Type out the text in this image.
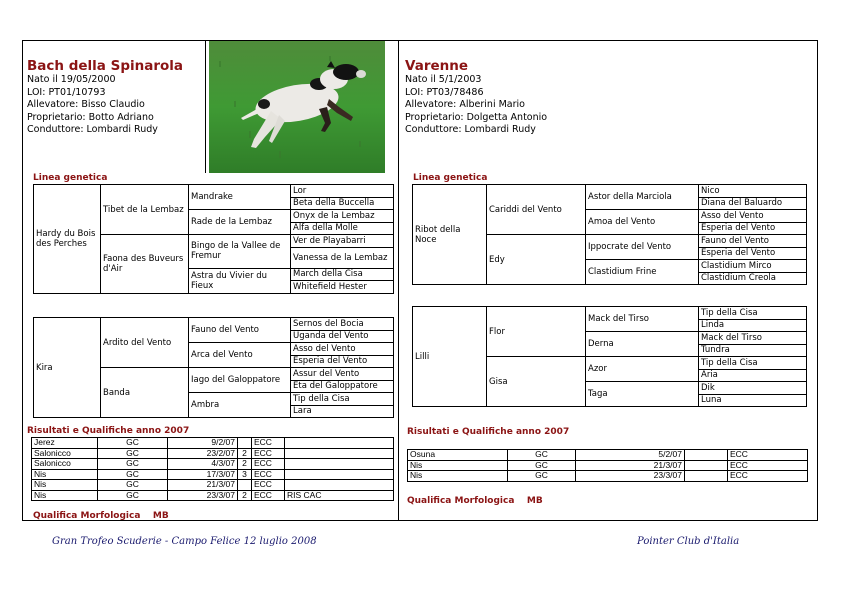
Bach della Spinarola
Nato il 19/05/2000
LOI: PT01/10793
Allevatore: Bisso Claudio
Proprietario: Botto Adriano
Conduttore: Lombardi Rudy
Varenne
Nato il 5/1/2003
LOI: PT03/78486
Allevatore: Alberini Mario
Proprietario: Dolgetta Antonio
Conduttore: Lombardi Rudy
Linea genetica
Hardy du Bois des Perches	Tibet de la Lembaz	Mandrake	Lor
			Beta della Buccella
		Rade de la Lembaz	Onyx de la Lembaz
			Alfa della Molle
	Faona des Buveurs d'Air	Bingo de la Vallee de Fremur	Ver de Playabarri
			Vanessa de la Lembaz
		Astra du Vivier du Fieux	March della Cisa
			Whitefield Hester
Kira	Ardito del Vento	Fauno del Vento	Sernos del Bocia
			Uganda del Vento
		Arca del Vento	Asso del Vento
			Esperia del Vento
	Banda	Iago del Galoppatore	Assur del Vento
			Eta del Galoppatore
		Ambra	Tip della Cisa
			Lara
Risultati e Qualifiche anno 2007
Jerez	GC	9/2/07		ECC	
Salonicco	GC	23/2/07	2	ECC	
Salonicco	GC	4/3/07	2	ECC	
Nis	GC	17/3/07	3	ECC	
Nis	GC	21/3/07		ECC	
Nis	GC	23/3/07	2	ECC	RIS CAC
Qualifica Morfologica    MB
Linea genetica
Ribot della Noce	Cariddi del Vento	Astor della Marciola	Nico
			Diana del Baluardo
		Amoa del Vento	Asso del Vento
			Esperia del Vento
	Edy	Ippocrate del Vento	Fauno del Vento
			Esperia del Vento
		Clastidium Frine	Clastidium Mirco
			Clastidium Creola
Lilli	Flor	Mack del Tirso	Tip della Cisa
			Linda
		Derna	Mack del Tirso
			Tundra
	Gisa	Azor	Tip della Cisa
			Aria
		Taga	Dik
			Luna
Risultati e Qualifiche anno 2007
Osuna	GC	5/2/07		ECC
Nis	GC	21/3/07		ECC
Nis	GC	23/3/07		ECC
Qualifica Morfologica    MB
Gran Trofeo Scuderie - Campo Felice 12 luglio 2008	Pointer Club d'Italia
